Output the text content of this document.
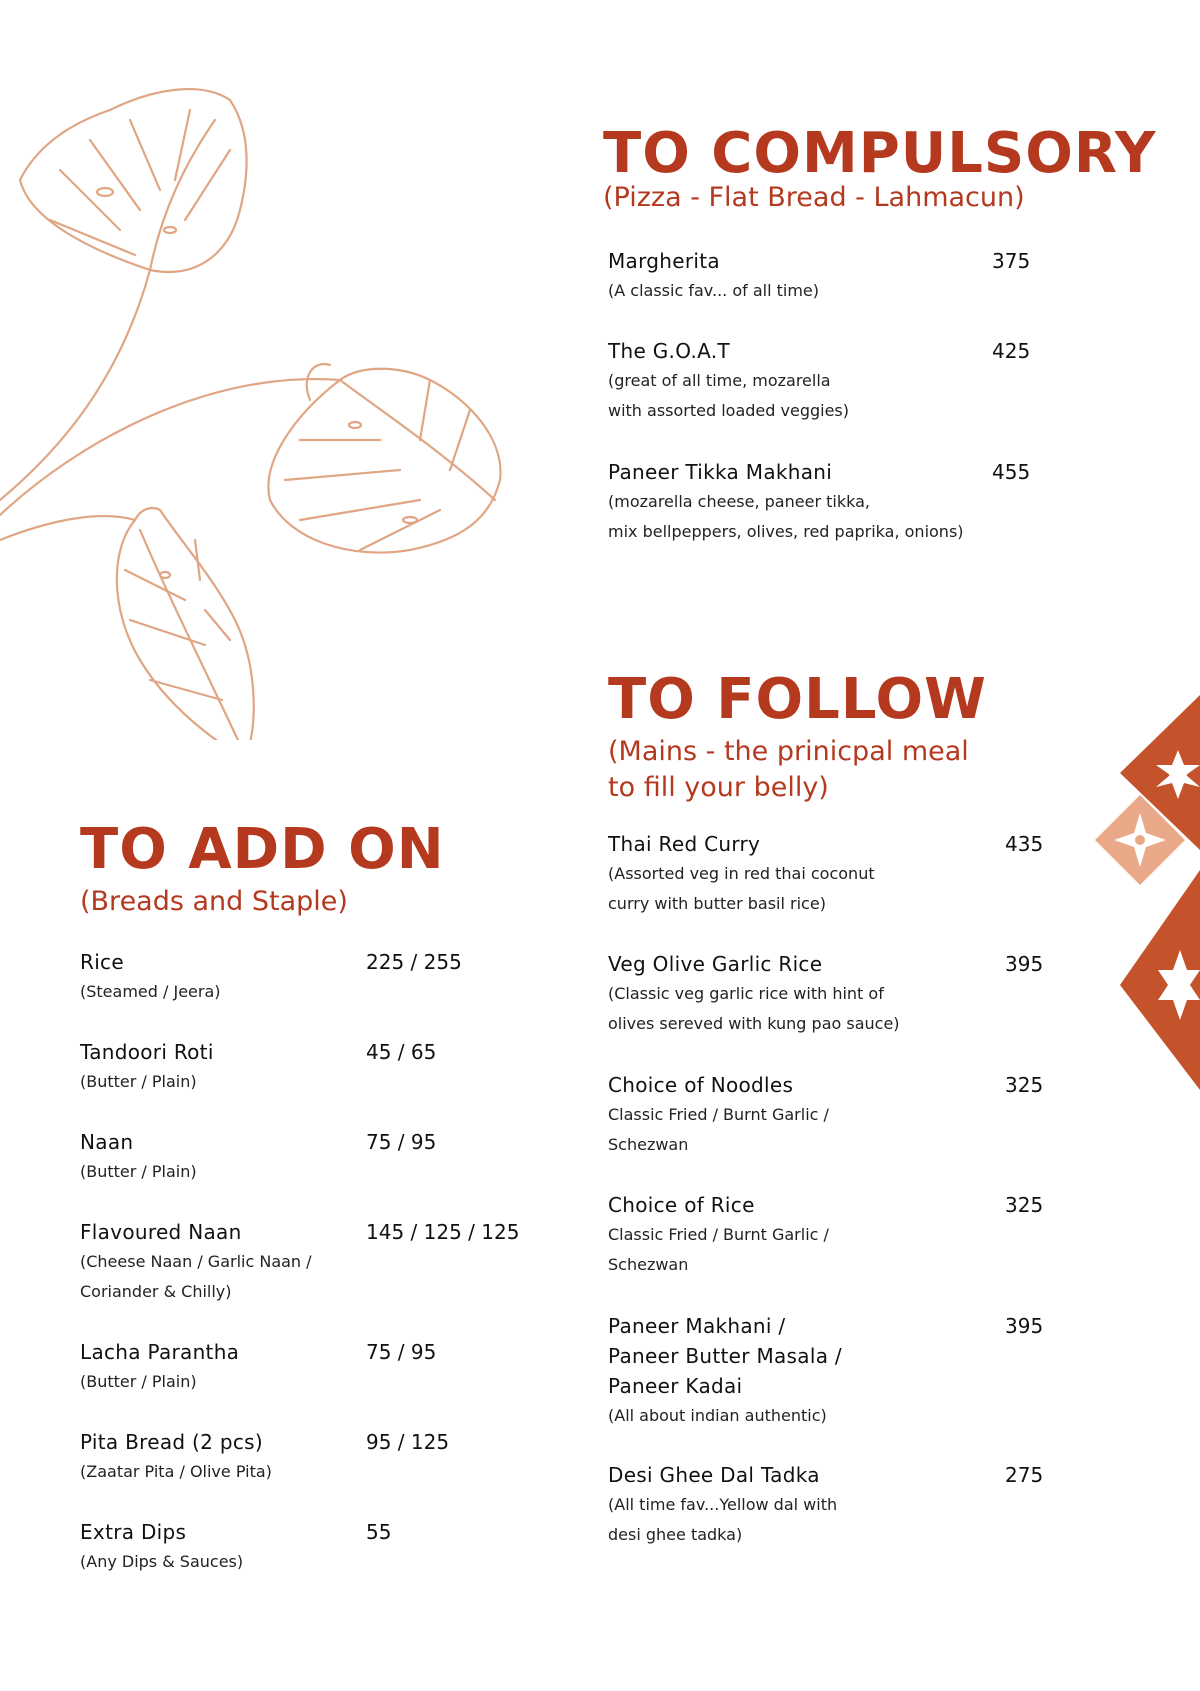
TO COMPULSORY
(Pizza - Flat Bread - Lahmacun)
Margherita
(A classic fav... of all time)
375
The G.O.A.T
(great of all time, mozarella
with assorted loaded veggies)
425
Paneer Tikka Makhani
(mozarella cheese, paneer tikka,
mix bellpeppers, olives, red paprika, onions)
455
TO FOLLOW
(Mains - the prinicpal meal
to fill your belly)
Thai Red Curry
(Assorted veg in red thai coconut
curry with butter basil rice)
435
Veg Olive Garlic Rice
(Classic veg garlic rice with hint of
olives sereved with kung pao sauce)
395
Choice of Noodles
Classic Fried / Burnt Garlic /
Schezwan
325
Choice of Rice
Classic Fried / Burnt Garlic /
Schezwan
325
Paneer Makhani /
Paneer Butter Masala /
Paneer Kadai
(All about indian authentic)
395
Desi Ghee Dal Tadka
(All time fav...Yellow dal with
desi ghee tadka)
275
TO ADD ON
(Breads and Staple)
Rice
(Steamed / Jeera)
225 / 255
Tandoori Roti
(Butter / Plain)
45 / 65
Naan
(Butter / Plain)
75 / 95
Flavoured Naan
(Cheese Naan / Garlic Naan /
Coriander & Chilly)
145 / 125 / 125
Lacha Parantha
(Butter / Plain)
75 / 95
Pita Bread (2 pcs)
(Zaatar Pita / Olive Pita)
95 / 125
Extra Dips
(Any Dips & Sauces)
55
